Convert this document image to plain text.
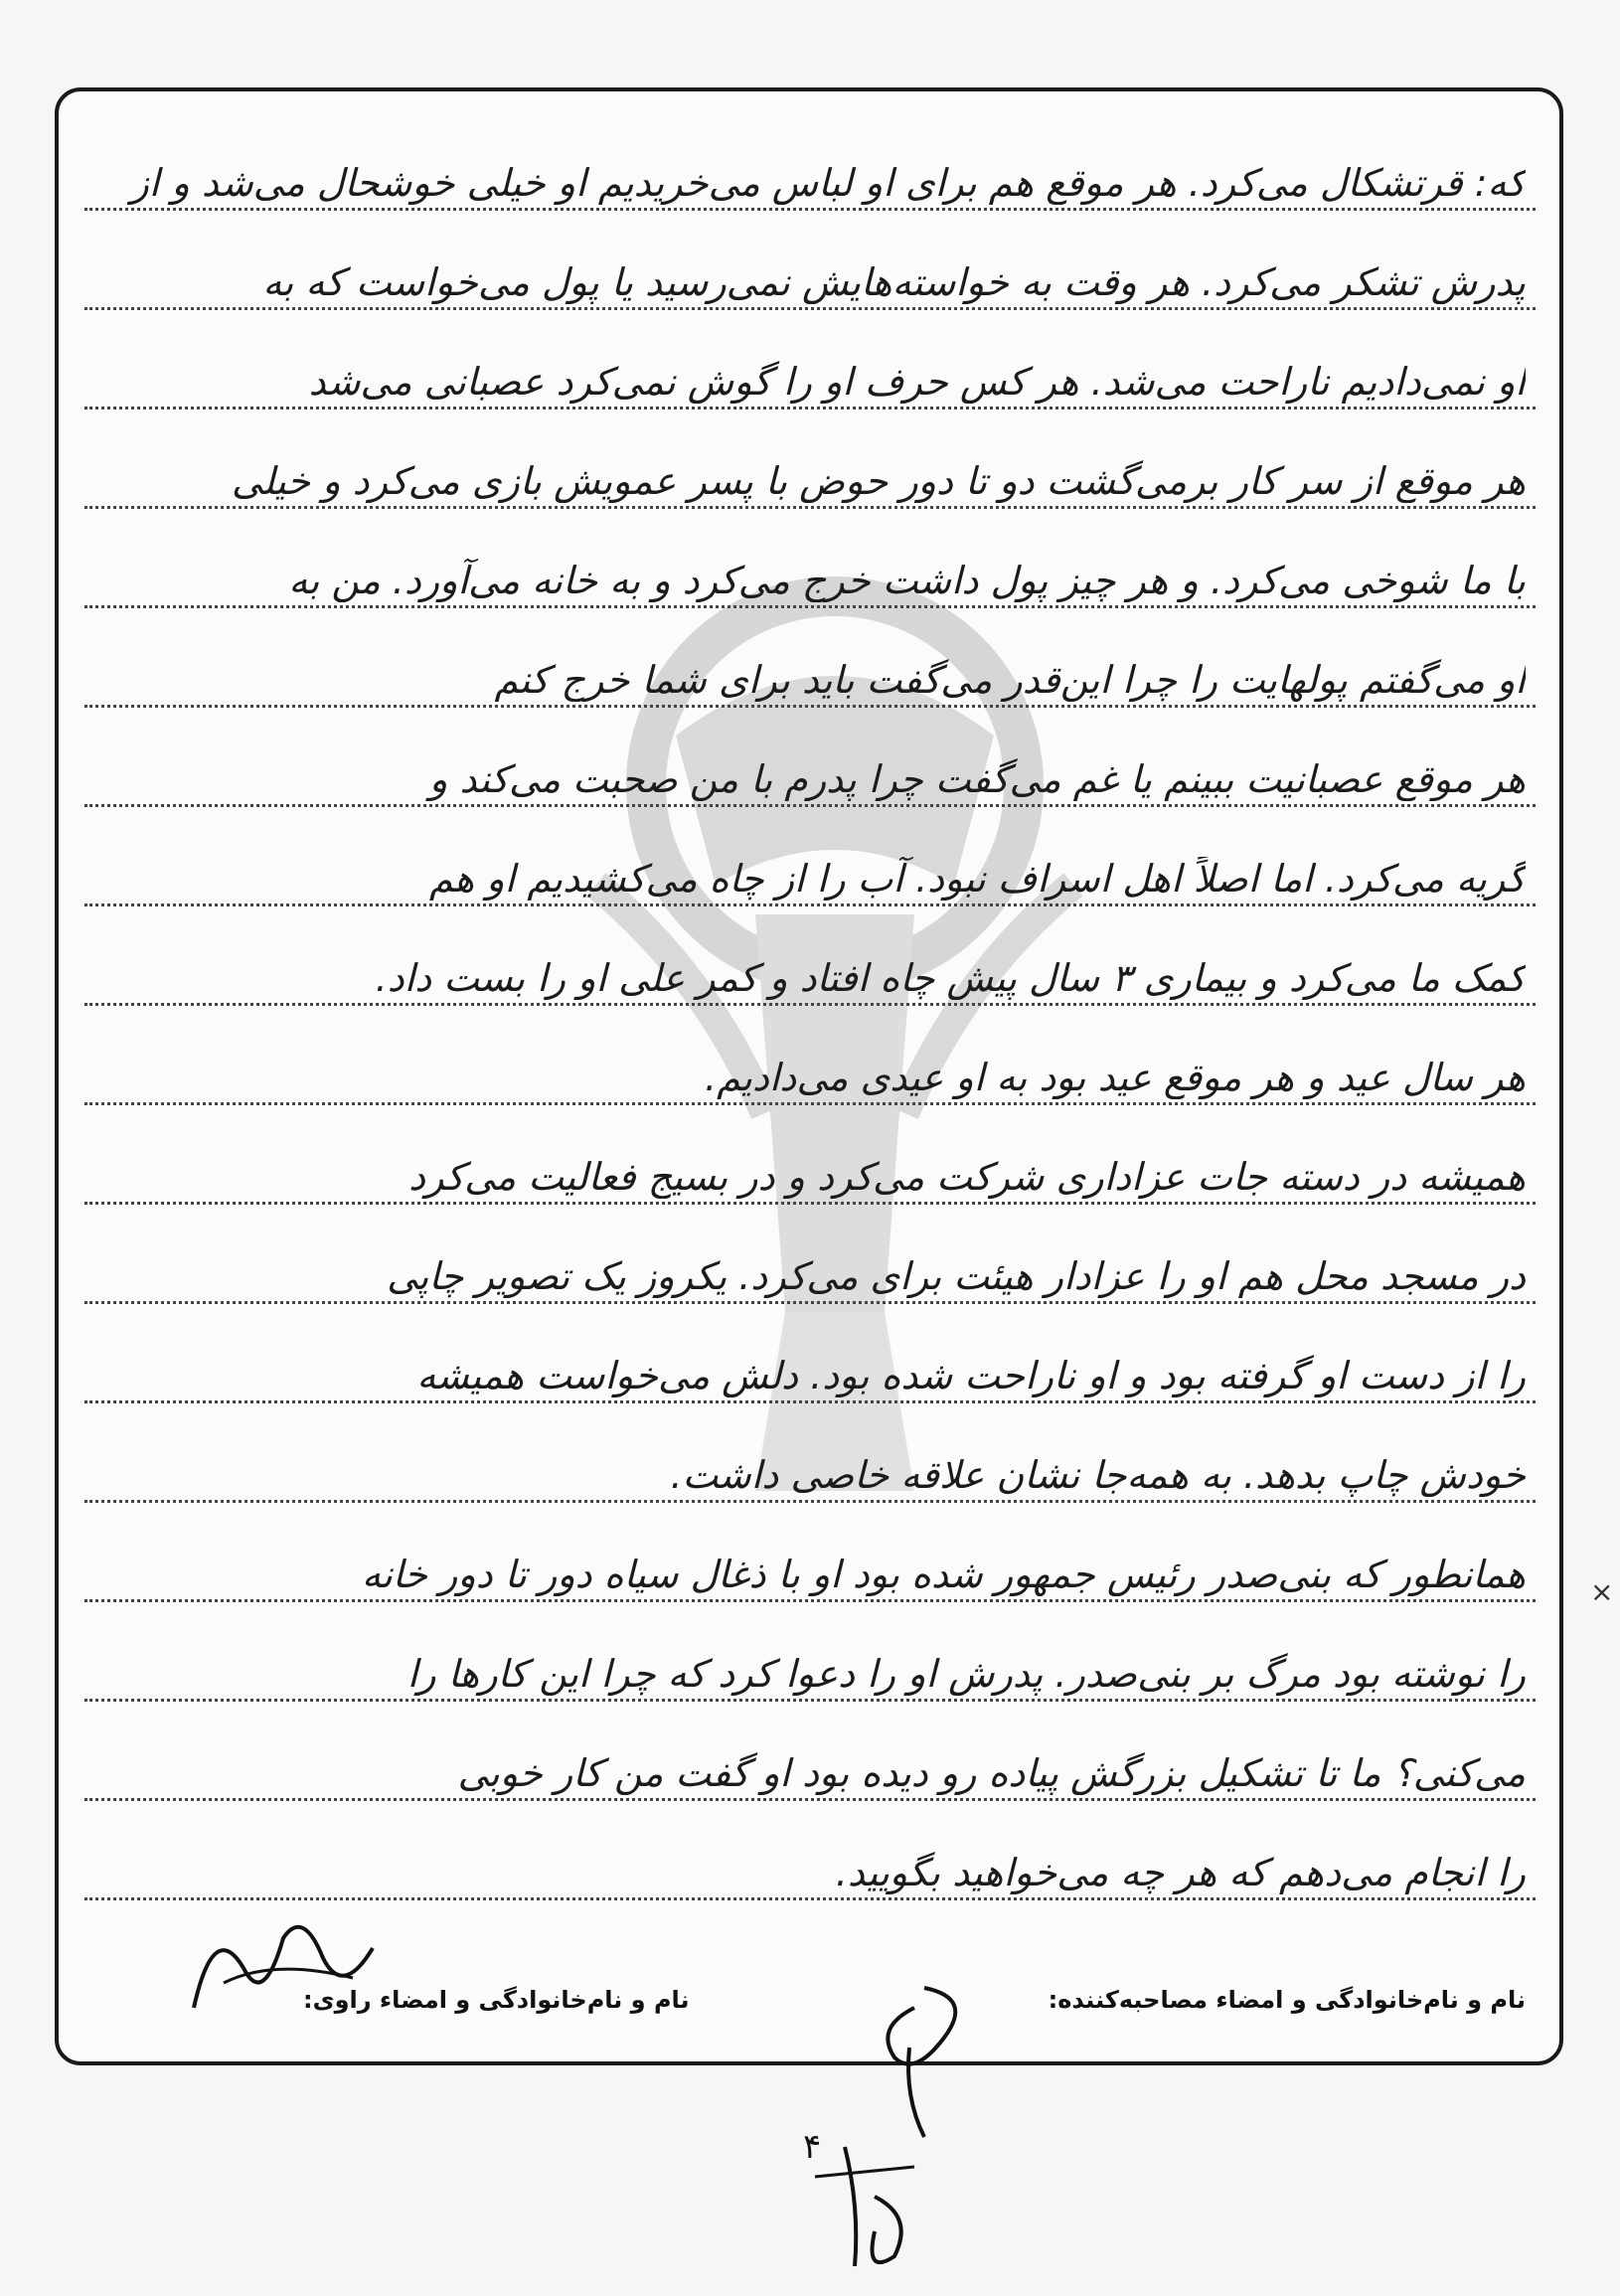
که: قرتشکال می‌کرد. هر موقع هم برای او لباس می‌خریدیم او خیلی خوشحال می‌شد و از
پدرش تشکر می‌کرد. هر وقت به خواسته‌هایش نمی‌رسید یا پول می‌خواست که به
او نمی‌دادیم ناراحت می‌شد. هر کس حرف او را گوش نمی‌کرد عصبانی می‌شد
هر موقع از سر کار برمی‌گشت دو تا دور حوض با پسر عمویش بازی می‌کرد و خیلی
با ما شوخی می‌کرد. و هر چیز پول داشت خرج می‌کرد و به خانه می‌آورد. من به
او می‌گفتم پولهایت را چرا این‌قدر می‌گفت باید برای شما خرج کنم
هر موقع عصبانیت ببینم یا غم می‌گفت چرا پدرم با من صحبت می‌کند و
گریه می‌کرد. اما اصلاً اهل اسراف نبود. آب را از چاه می‌کشیدیم او هم
کمک ما می‌کرد و بیماری ۳ سال پیش چاه افتاد و کمر علی او را بست داد.
هر سال عید و هر موقع عید بود به او عیدی می‌دادیم.
همیشه در دسته جات عزاداری شرکت می‌کرد و در بسیج فعالیت می‌کرد
در مسجد محل هم او را عزادار هیئت برای می‌کرد. یکروز یک تصویر چاپی
را از دست او گرفته بود و او ناراحت شده بود. دلش می‌خواست همیشه
خودش چاپ بدهد. به همه‌جا نشان علاقه خاصی داشت.
همانطور که بنی‌صدر رئیس جمهور شده بود او با ذغال سیاه دور تا دور خانه
را نوشته بود مرگ بر بنی‌صدر. پدرش او را دعوا کرد که چرا این کارها را
می‌کنی؟ ما تا تشکیل بزرگش پیاده رو دیده بود او گفت من کار خوبی
را انجام می‌دهم که هر چه می‌خواهید بگویید.
نام و نام‌خانوادگی و امضاء مصاحبه‌کننده:
نام و نام‌خانوادگی و امضاء راوی:
۴
×
